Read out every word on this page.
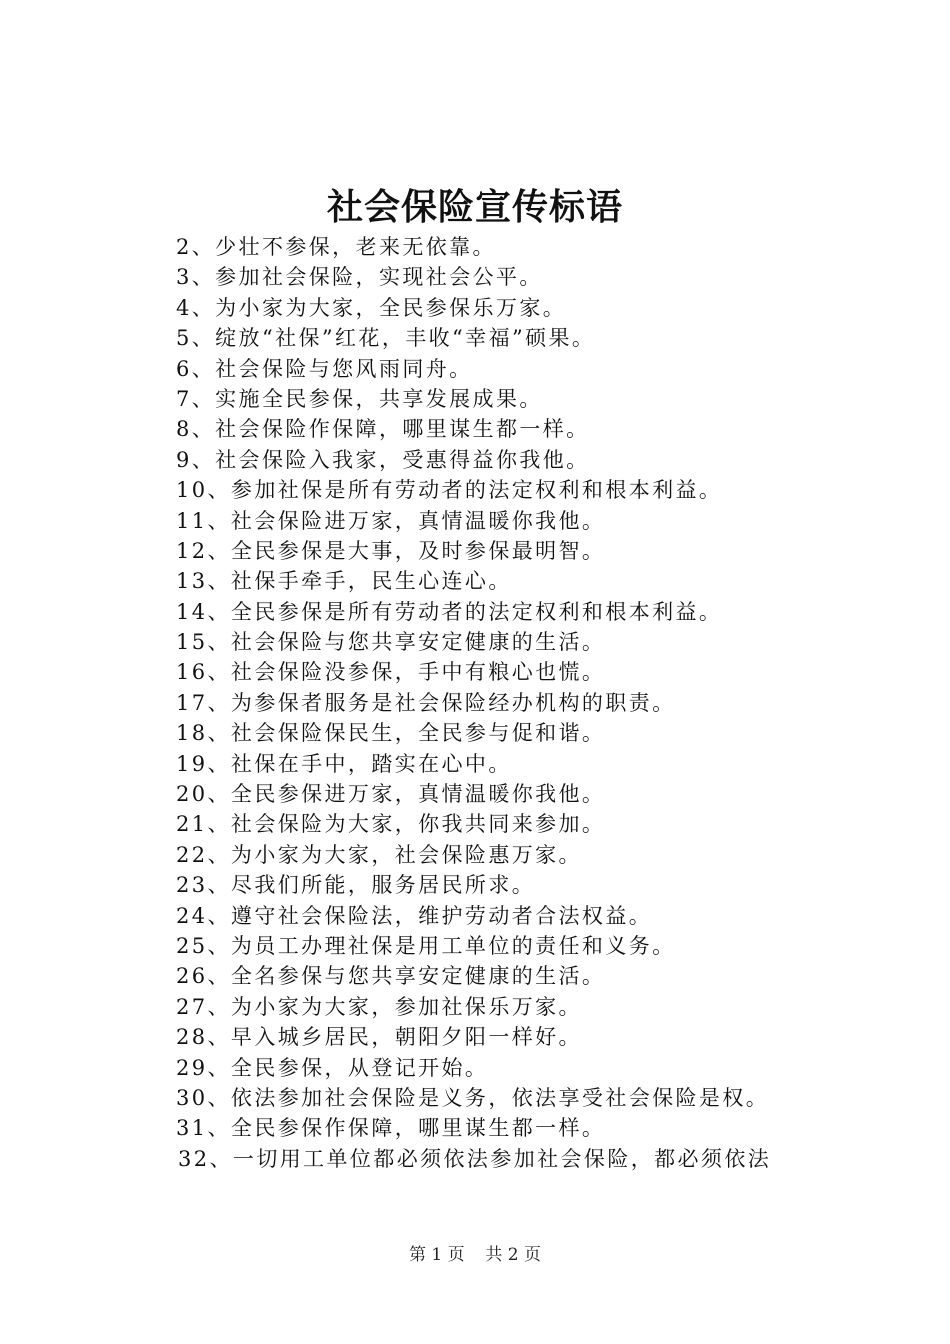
社会保险宣传标语
2、少壮不参保，老来无依靠。
3、参加社会保险，实现社会公平。
4、为小家为大家，全民参保乐万家。
5、绽放“社保”红花，丰收“幸福”硕果。
6、社会保险与您风雨同舟。
7、实施全民参保，共享发展成果。
8、社会保险作保障，哪里谋生都一样。
9、社会保险入我家，受惠得益你我他。
10、参加社保是所有劳动者的法定权利和根本利益。
11、社会保险进万家，真情温暖你我他。
12、全民参保是大事，及时参保最明智。
13、社保手牵手，民生心连心。
14、全民参保是所有劳动者的法定权利和根本利益。
15、社会保险与您共享安定健康的生活。
16、社会保险没参保，手中有粮心也慌。
17、为参保者服务是社会保险经办机构的职责。
18、社会保险保民生，全民参与促和谐。
19、社保在手中，踏实在心中。
20、全民参保进万家，真情温暖你我他。
21、社会保险为大家，你我共同来参加。
22、为小家为大家，社会保险惠万家。
23、尽我们所能，服务居民所求。
24、遵守社会保险法，维护劳动者合法权益。
25、为员工办理社保是用工单位的责任和义务。
26、全名参保与您共享安定健康的生活。
27、为小家为大家，参加社保乐万家。
28、早入城乡居民，朝阳夕阳一样好。
29、全民参保，从登记开始。
30、依法参加社会保险是义务，依法享受社会保险是权。
31、全民参保作保障，哪里谋生都一样。
32、一切用工单位都必须依法参加社会保险，都必须依法
第 1 页 共 2 页
